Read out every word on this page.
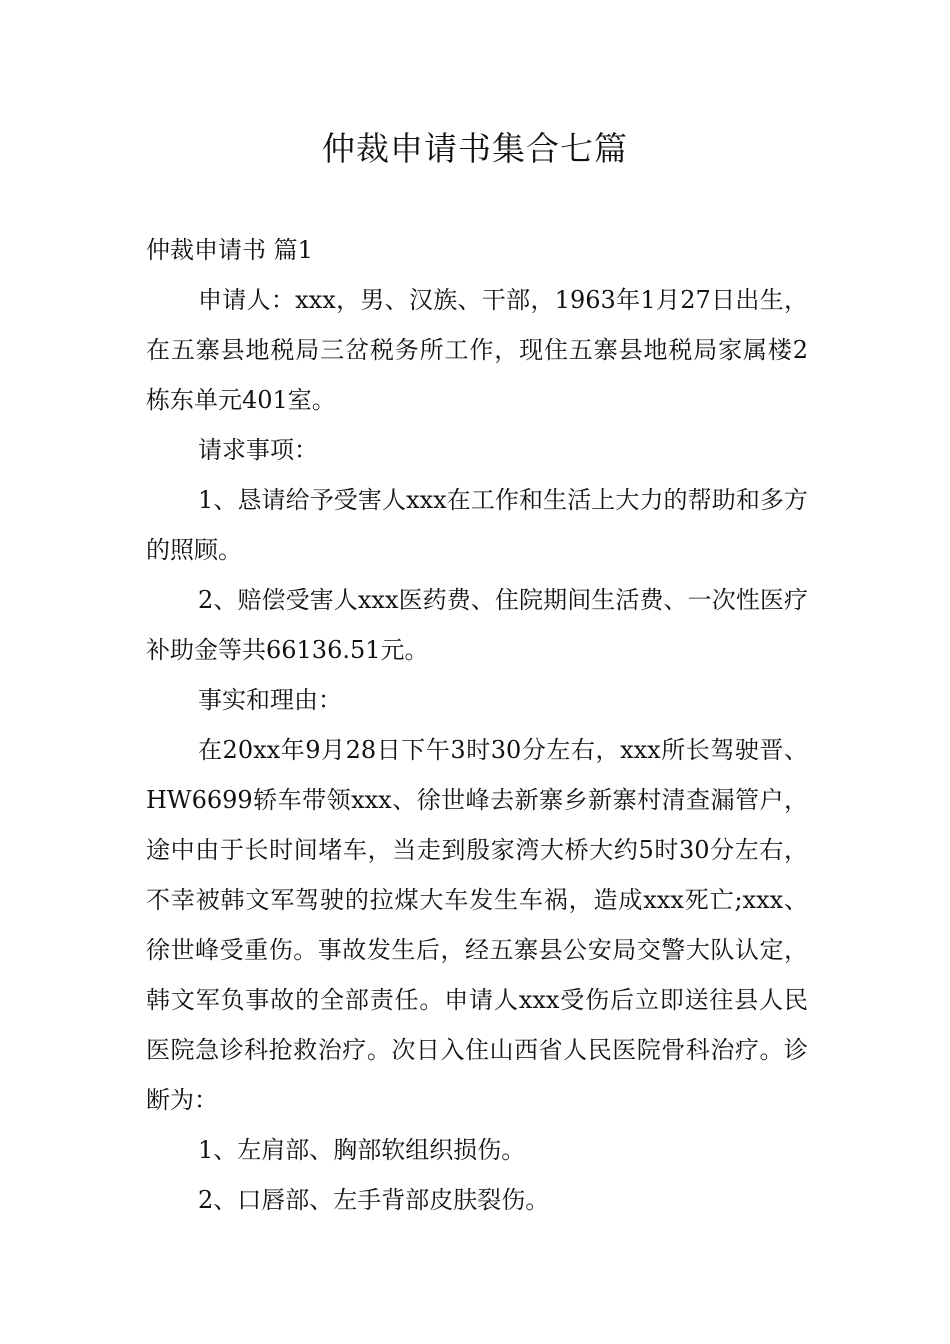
仲裁申请书集合七篇

仲裁申请书 篇1

申请人：xxx，男、汉族、干部，1963年1月27日出生，在五寨县地税局三岔税务所工作，现住五寨县地税局家属楼2栋东单元401室。

请求事项：

1、恳请给予受害人xxx在工作和生活上大力的帮助和多方的照顾。

2、赔偿受害人xxx医药费、住院期间生活费、一次性医疗补助金等共66136.51元。

事实和理由：

在20xx年9月28日下午3时30分左右，xxx所长驾驶晋、HW6699轿车带领xxx、徐世峰去新寨乡新寨村清查漏管户，途中由于长时间堵车，当走到殷家湾大桥大约5时30分左右，不幸被韩文军驾驶的拉煤大车发生车祸，造成xxx死亡;xxx、徐世峰受重伤。事故发生后，经五寨县公安局交警大队认定，韩文军负事故的全部责任。申请人xxx受伤后立即送往县人民医院急诊科抢救治疗。次日入住山西省人民医院骨科治疗。诊断为：

1、左肩部、胸部软组织损伤。

2、口唇部、左手背部皮肤裂伤。
